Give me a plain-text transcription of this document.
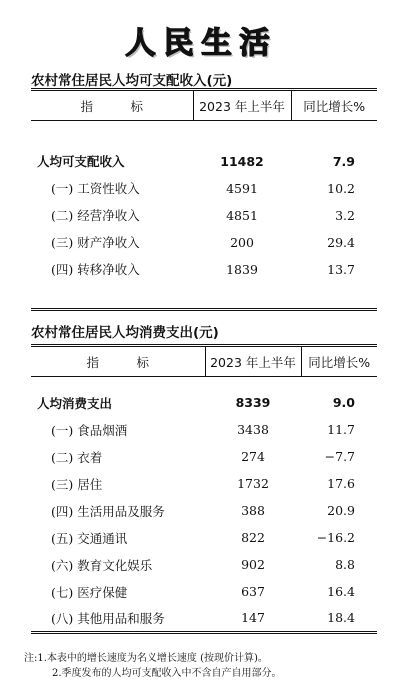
人民生活
农村常住居民人均可支配收入(元)
指　　　标	2023 年上半年	同比增长%

人均可支配收入	11482	7.9
(一) 工资性收入	4591	10.2
(二) 经营净收入	4851	3.2
(三) 财产净收入	200	29.4
(四) 转移净收入	1839	13.7

农村常住居民人均消费支出(元)
指　　　标	2023 年上半年	同比增长%

人均消费支出	8339	9.0
(一) 食品烟酒	3438	11.7
(二) 衣着	274	−7.7
(三) 居住	1732	17.6
(四) 生活用品及服务	388	20.9
(五) 交通通讯	822	−16.2
(六) 教育文化娱乐	902	8.8
(七) 医疗保健	637	16.4
(八) 其他用品和服务	147	18.4
注:1.本表中的增长速度为名义增长速度 (按现价计算)。
2.季度发布的人均可支配收入中不含自产自用部分。
